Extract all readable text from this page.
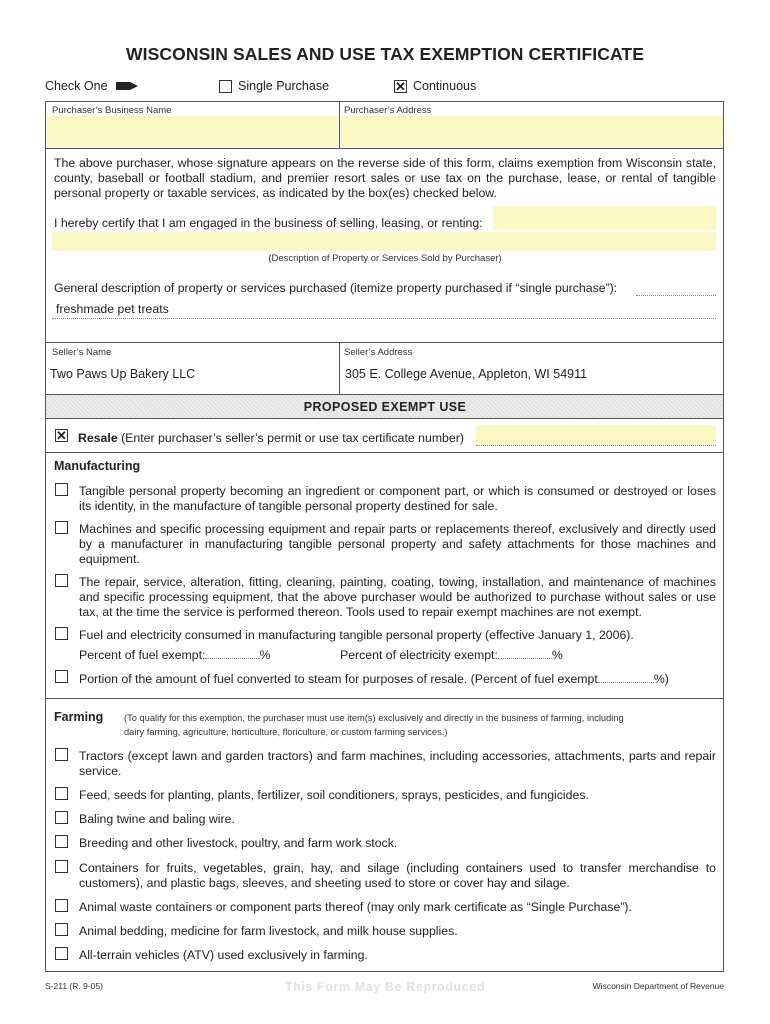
WISCONSIN SALES AND USE TAX EXEMPTION CERTIFICATE
Check One	Single Purchase	✕ Continuous
Purchaser’s Business Name	Purchaser’s Address
The above purchaser, whose signature appears on the reverse side of this form, claims exemption from Wisconsin state, county, baseball or football stadium, and premier resort sales or use tax on the purchase, lease, or rental of tangible personal property or taxable services, as indicated by the box(es) checked below.
I hereby certify that I am engaged in the business of selling, leasing, or renting:
(Description of Property or Services Sold by Purchaser)
General description of property or services purchased (itemize property purchased if “single purchase”):
freshmade pet treats
Seller’s Name
Two Paws Up Bakery LLC
Seller’s Address
305 E. College Avenue, Appleton, WI 54911
PROPOSED EXEMPT USE
✕ Resale (Enter purchaser’s seller’s permit or use tax certificate number)
Manufacturing
Tangible personal property becoming an ingredient or component part, or which is consumed or destroyed or loses its identity, in the manufacture of tangible personal property destined for sale.
Machines and specific processing equipment and repair parts or replacements thereof, exclusively and directly used by a manufacturer in manufacturing tangible personal property and safety attachments for those machines and equipment.
The repair, service, alteration, fitting, cleaning, painting, coating, towing, installation, and maintenance of machines and specific processing equipment, that the above purchaser would be authorized to purchase without sales or use tax, at the time the service is performed thereon. Tools used to repair exempt machines are not exempt.
Fuel and electricity consumed in manufacturing tangible personal property (effective January 1, 2006).
Percent of fuel exempt:	%	Percent of electricity exempt:	%
Portion of the amount of fuel converted to steam for purposes of resale. (Percent of fuel exempt	%)
Farming (To qualify for this exemption, the purchaser must use item(s) exclusively and directly in the business of farming, including dairy farming, agriculture, horticulture, floriculture, or custom farming services.)
Tractors (except lawn and garden tractors) and farm machines, including accessories, attachments, parts and repair service.
Feed, seeds for planting, plants, fertilizer, soil conditioners, sprays, pesticides, and fungicides.
Baling twine and baling wire.
Breeding and other livestock, poultry, and farm work stock.
Containers for fruits, vegetables, grain, hay, and silage (including containers used to transfer merchandise to customers), and plastic bags, sleeves, and sheeting used to store or cover hay and silage.
Animal waste containers or component parts thereof (may only mark certificate as “Single Purchase”).
Animal bedding, medicine for farm livestock, and milk house supplies.
All-terrain vehicles (ATV) used exclusively in farming.
S-211 (R. 9-05)	This Form May Be Reproduced	Wisconsin Department of Revenue
